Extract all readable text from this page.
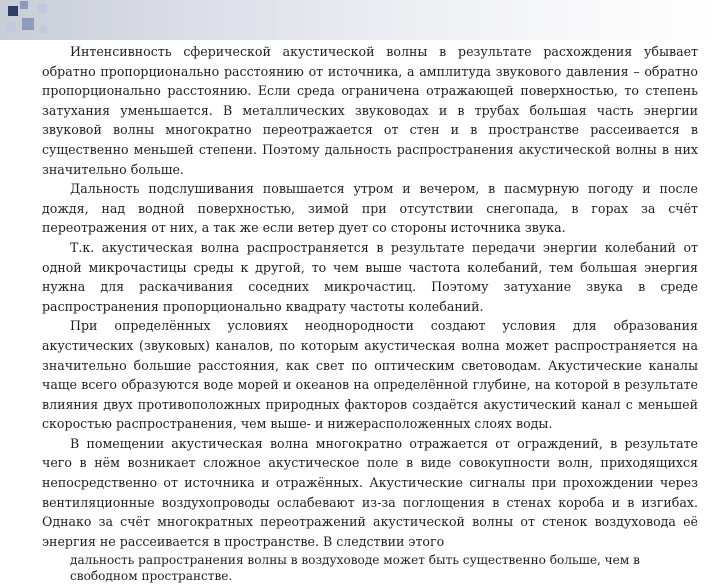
Интенсивность сферической акустической волны в результате расхождения убывает обратно пропорционально расстоянию от источника, а амплитуда звукового давления – обратно пропорционально расстоянию. Если среда ограничена отражающей поверхностью, то степень затухания уменьшается. В металлических звуководах и в трубах большая часть энергии звуковой волны многократно переотражается от стен и в пространстве рассеивается в существенно меньшей степени. Поэтому дальность распространения акустической волны в них значительно больше.

Дальность подслушивания повышается утром и вечером, в пасмурную погоду и после дождя, над водной поверхностью, зимой при отсутствии снегопада, в горах за счёт переотражения от них, а так же если ветер дует со стороны источника звука.

Т.к. акустическая волна распространяется в результате передачи энергии колебаний от одной микрочастицы среды к другой, то чем выше частота колебаний, тем большая энергия нужна для раскачивания соседних микрочастиц. Поэтому затухание звука в среде распространения пропорционально квадрату частоты колебаний.

При определённых условиях неоднородности создают условия для образования акустических (звуковых) каналов, по которым акустическая волна может распространяется на значительно большие расстояния, как свет по оптическим световодам. Акустические каналы чаще всего образуются воде морей и океанов на определённой глубине, на которой в результате влияния двух противоположных природных факторов создаётся акустический канал с меньшей скоростью распространения, чем выше- и нижерасположенных слоях воды.

В помещении акустическая волна многократно отражается от ограждений, в результате чего в нём возникает сложное акустическое поле в виде совокупности волн, приходящихся непосредственно от источника и отражённых. Акустические сигналы при прохождении через вентиляционные воздухопроводы ослабевают из-за поглощения в стенах короба и в изгибах. Однако за счёт многократных переотражений акустической волны от стенок воздуховода её энергия не рассеивается в пространстве. В следствии этого

дальность рапространения волны в воздуховоде может быть существенно больше, чем в свободном пространстве.
